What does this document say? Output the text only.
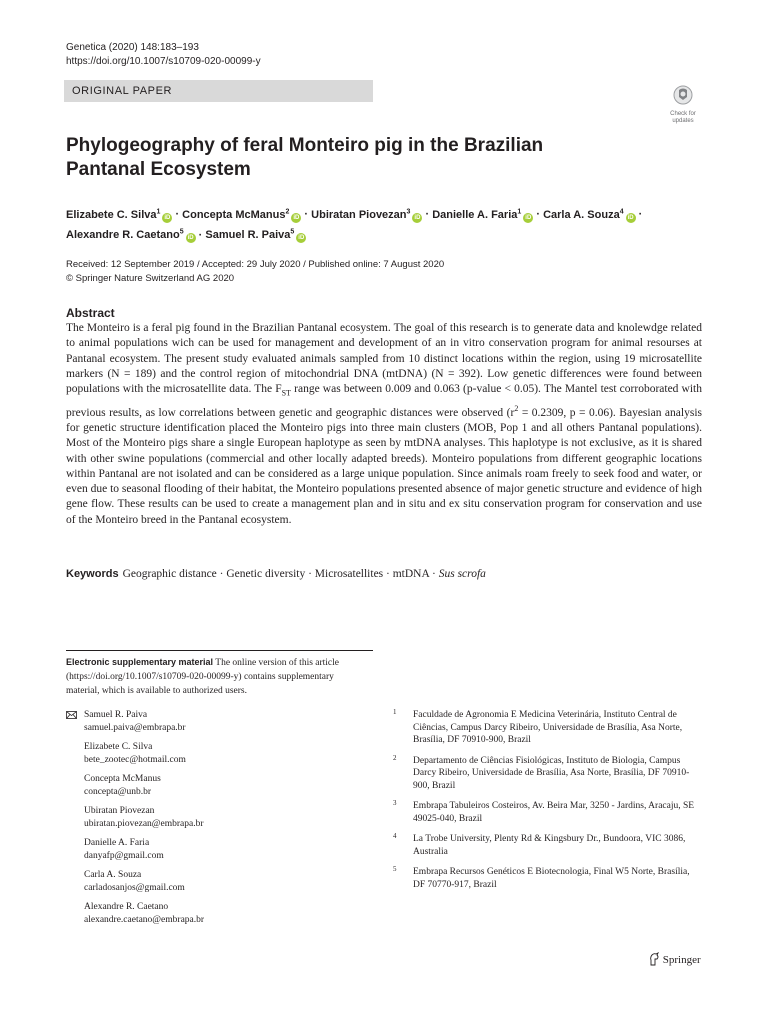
Genetica (2020) 148:183–193
https://doi.org/10.1007/s10709-020-00099-y
ORIGINAL PAPER
Check for
updates
Phylogeography of feral Monteiro pig in the Brazilian Pantanal Ecosystem
Elizabete C. Silva$^1$iD · Concepta McManus$^2$iD · Ubiratan Piovezan$^3$iD · Danielle A. Faria$^1$iD · Carla A. Souza$^4$iD ·
Alexandre R. Caetano$^5$iD · Samuel R. Paiva$^5$iD
Received: 12 September 2019 / Accepted: 29 July 2020 / Published online: 7 August 2020
© Springer Nature Switzerland AG 2020
Abstract
The Monteiro is a feral pig found in the Brazilian Pantanal ecosystem. The goal of this research is to generate data and knolewdge related to animal populations wich can be used for management and development of an in vitro conservation program for animal resourses at Pantanal ecosystem. The present study evaluated animals sampled from 10 distinct locations within the region, using 19 microsatellite markers (N = 189) and the control region of mitochondrial DNA (mtDNA) (N = 392). Low genetic differences were found between populations with the microsatellite data. The $F_{ST}$ range was between 0.009 and 0.063 (p-value < 0.05). The Mantel test corroborated with previous results, as low correlations between genetic and geographic distances were observed ($r^2 = 0.2309$, p = 0.06). Bayesian analysis for genetic structure identification placed the Monteiro pigs into three main clusters (MOB, Pop 1 and all others Pantanal populations). Most of the Monteiro pigs share a single European haplotype as seen by mtDNA analyses. This haplotype is not exclusive, as it is shared with other swine populations (commercial and other locally adapted breeds). Monteiro populations from different geographic locations within Pantanal are not isolated and can be considered as a large unique population. Since animals roam freely to seek food and water, or even due to seasonal flooding of their habitat, the Monteiro populations presented absence of major genetic structure and evidence of high gene flow. These results can be used to create a management plan and in situ and ex situ conservation program for conservation and use of the Monteiro breed in the Pantanal ecosystem.
Keywords Geographic distance · Genetic diversity · Microsatellites · mtDNA · Sus scrofa
Electronic supplementary material The online version of this article (https://doi.org/10.1007/s10709-020-00099-y) contains supplementary material, which is available to authorized users.
Samuel R. Paiva
samuel.paiva@embrapa.br
Elizabete C. Silva
bete_zootec@hotmail.com
Concepta McManus
concepta@unb.br
Ubiratan Piovezan
ubiratan.piovezan@embrapa.br
Danielle A. Faria
danyafp@gmail.com
Carla A. Souza
carladosanjos@gmail.com
Alexandre R. Caetano
alexandre.caetano@embrapa.br
1 Faculdade de Agronomia E Medicina Veterinária, Instituto Central de Ciências, Campus Darcy Ribeiro, Universidade de Brasília, Asa Norte, Brasília, DF 70910-900, Brazil
2 Departamento de Ciências Fisiológicas, Instituto de Biologia, Campus Darcy Ribeiro, Universidade de Brasília, Asa Norte, Brasília, DF 70910-900, Brazil
3 Embrapa Tabuleiros Costeiros, Av. Beira Mar, 3250 - Jardins, Aracaju, SE 49025-040, Brazil
4 La Trobe University, Plenty Rd & Kingsbury Dr., Bundoora, VIC 3086, Australia
5 Embrapa Recursos Genéticos E Biotecnologia, Final W5 Norte, Brasília, DF 70770-917, Brazil
Springer
